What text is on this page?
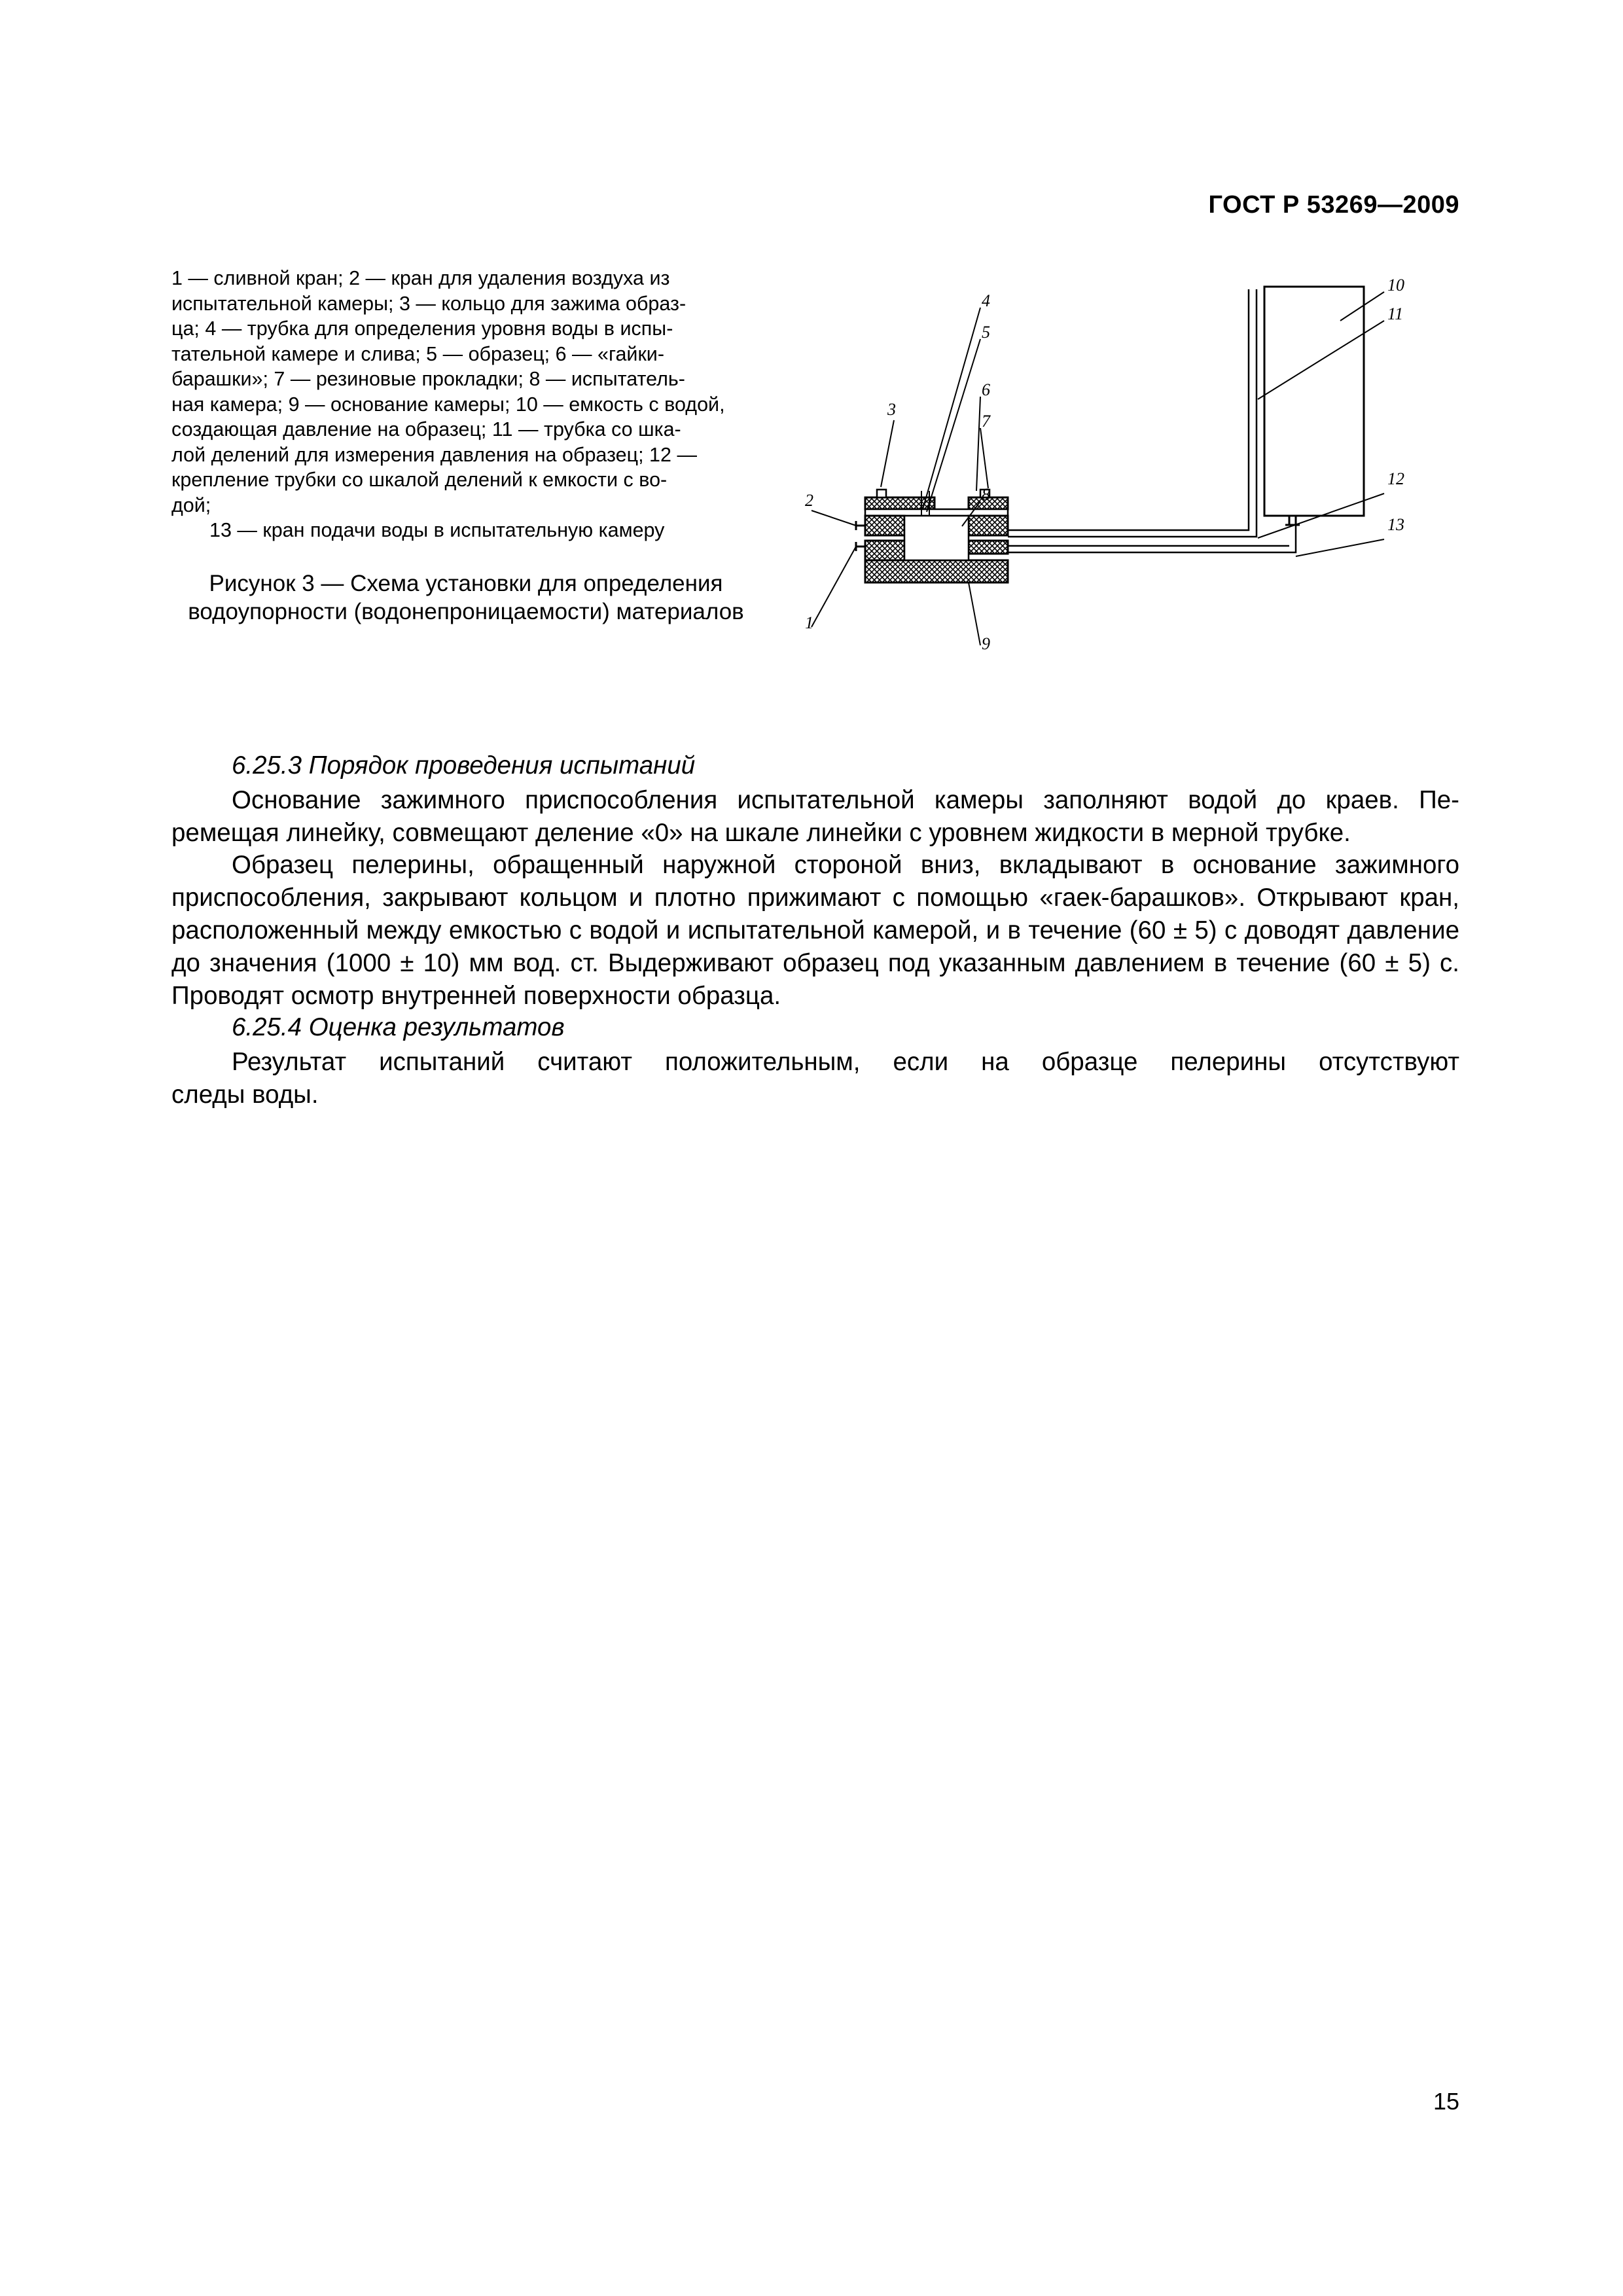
ГОСТ Р 53269—2009

1 — сливной кран; 2 — кран для удаления воздуха из

испытательной камеры; 3 — кольцо для зажима образ-

ца; 4 — трубка для определения уровня воды в испы-

тательной камере и слива; 5 — образец; 6 — «гайки-

барашки»; 7 — резиновые прокладки; 8 — испытатель-

ная камера; 9 — основание камеры; 10 — емкость с водой,

создающая давление на образец; 11 — трубка со шка-

лой делений для измерения давления на образец; 12 —

крепление трубки со шкалой делений к емкости с во-

дой;

13 — кран подачи воды в испытательную камеру

Рисунок 3 — Схема установки для определения водоупорности (водонепроницаемости) материалов
2
1
3
4
5
6
7
8
9
10
11
12
13
6.25.3 Порядок проведения испытаний
Основание зажимного приспособления испытательной камеры заполняют водой до краев. Пе-
ремещая линейку, совмещают деление «0» на шкале линейки с уровнем жидкости в мерной трубке.
Образец пелерины, обращенный наружной стороной вниз, вкладывают в основание зажимного
приспособления, закрывают кольцом и плотно прижимают с помощью «гаек-барашков». Открывают кран, расположенный между емкостью с водой и испытательной камерой, и в течение (60 ± 5) с доводят давление до значения (1000 ± 10) мм вод. ст. Выдерживают образец под указанным давлением в течение (60 ± 5) с. Проводят осмотр внутренней поверхности образца.
6.25.4 Оценка результатов
Результат испытаний считают положительным, если на образце пелерины отсутствуют
следы воды.
15
